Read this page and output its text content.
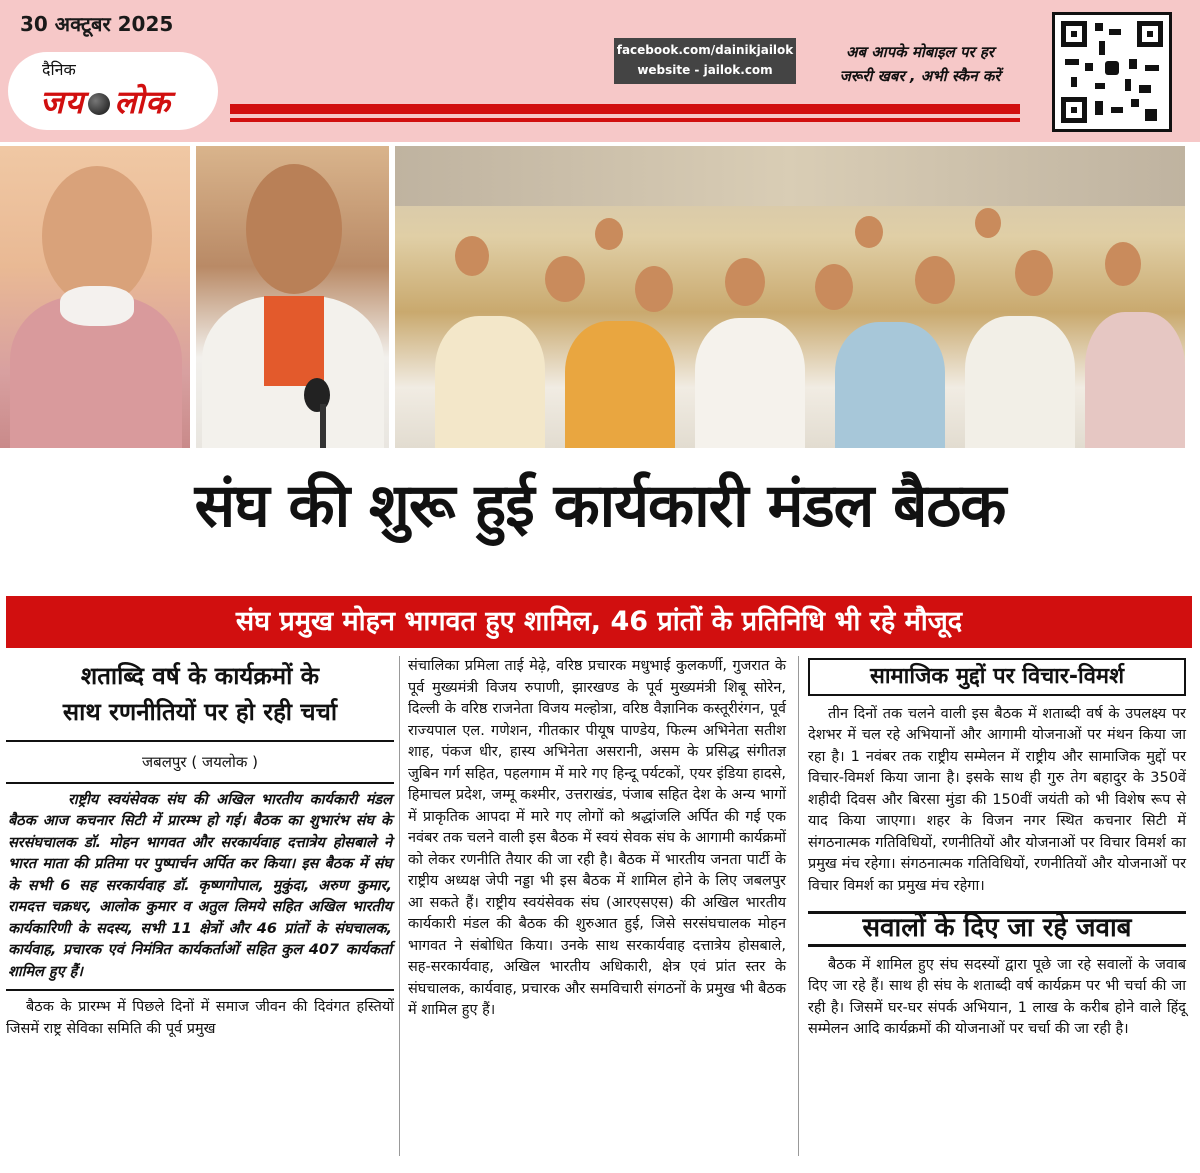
30 अक्टूबर 2025
दैनिक
जय लोक
facebook.com/dainikjailok
website - jailok.com
अब आपके मोबाइल पर हर
जरूरी खबर , अभी स्कैन करें
संघ की शुरू हुई कार्यकारी मंडल बैठक
संघ प्रमुख मोहन भागवत हुए शामिल, 46 प्रांतों के प्रतिनिधि भी रहे मौजूद
शताब्दि वर्ष के कार्यक्रमों के
साथ रणनीतियों पर हो रही चर्चा
जबलपुर ( जयलोक )
राष्ट्रीय स्वयंसेवक संघ की अखिल भारतीय कार्यकारी मंडल बैठक आज कचनार सिटी में प्रारम्भ हो गई। बैठक का शुभारंभ संघ के सरसंघचालक डॉ. मोहन भागवत और सरकार्यवाह दत्तात्रेय होसबाले ने भारत माता की प्रतिमा पर पुष्पार्चन अर्पित कर किया। इस बैठक में संघ के सभी 6 सह सरकार्यवाह डॉ. कृष्णगोपाल, मुकुंदा, अरुण कुमार, रामदत्त चक्रधर, आलोक कुमार व अतुल लिमये सहित अखिल भारतीय कार्यकारिणी के सदस्य, सभी 11 क्षेत्रों और 46 प्रांतों के संघचालक, कार्यवाह, प्रचारक एवं निमंत्रित कार्यकर्ताओं सहित कुल 407 कार्यकर्ता शामिल हुए हैं।
बैठक के प्रारम्भ में पिछले दिनों में समाज जीवन की दिवंगत हस्तियों जिसमें राष्ट्र सेविका समिति की पूर्व प्रमुख
संचालिका प्रमिला ताई मेढ़े, वरिष्ठ प्रचारक मधुभाई कुलकर्णी, गुजरात के पूर्व मुख्यमंत्री विजय रुपाणी, झारखण्ड के पूर्व मुख्यमंत्री शिबू सोरेन, दिल्ली के वरिष्ठ राजनेता विजय मल्होत्रा, वरिष्ठ वैज्ञानिक कस्तूरीरंगन, पूर्व राज्यपाल एल. गणेशन, गीतकार पीयूष पाण्डेय, फिल्म अभिनेता सतीश शाह, पंकज धीर, हास्य अभिनेता असरानी, असम के प्रसिद्ध संगीतज्ञ जुबिन गर्ग सहित, पहलगाम में मारे गए हिन्दू पर्यटकों, एयर इंडिया हादसे, हिमाचल प्रदेश, जम्मू कश्मीर, उत्तराखंड, पंजाब सहित देश के अन्य भागों में प्राकृतिक आपदा में मारे गए लोगों को श्रद्धांजलि अर्पित की गई एक नवंबर तक चलने वाली इस बैठक में स्वयं सेवक संघ के आगामी कार्यक्रमों को लेकर रणनीति तैयार की जा रही है। बैठक में भारतीय जनता पार्टी के राष्ट्रीय अध्यक्ष जेपी नड्डा भी इस बैठक में शामिल होने के लिए जबलपुर आ सकते हैं। राष्ट्रीय स्वयंसेवक संघ (आरएसएस) की अखिल भारतीय कार्यकारी मंडल की बैठक की शुरुआत हुई, जिसे सरसंघचालक मोहन भागवत ने संबोधित किया। उनके साथ सरकार्यवाह दत्तात्रेय होसबाले, सह-सरकार्यवाह, अखिल भारतीय अधिकारी, क्षेत्र एवं प्रांत स्तर के संघचालक, कार्यवाह, प्रचारक और समविचारी संगठनों के प्रमुख भी बैठक में शामिल हुए हैं।
सामाजिक मुद्दों पर विचार-विमर्श
तीन दिनों तक चलने वाली इस बैठक में शताब्दी वर्ष के उपलक्ष्य पर देशभर में चल रहे अभियानों और आगामी योजनाओं पर मंथन किया जा रहा है। 1 नवंबर तक राष्ट्रीय सम्मेलन में राष्ट्रीय और सामाजिक मुद्दों पर विचार-विमर्श किया जाना है। इसके साथ ही गुरु तेग बहादुर के 350वें शहीदी दिवस और बिरसा मुंडा की 150वीं जयंती को भी विशेष रूप से याद किया जाएगा। शहर के विजन नगर स्थित कचनार सिटी में संगठनात्मक गतिविधियों, रणनीतियों और योजनाओं पर विचार विमर्श का प्रमुख मंच रहेगा। संगठनात्मक गतिविधियों, रणनीतियों और योजनाओं पर विचार विमर्श का प्रमुख मंच रहेगा।
सवालों के दिए जा रहे जवाब
बैठक में शामिल हुए संघ सदस्यों द्वारा पूछे जा रहे सवालों के जवाब दिए जा रहे हैं। साथ ही संघ के शताब्दी वर्ष कार्यक्रम पर भी चर्चा की जा रही है। जिसमें घर-घर संपर्क अभियान, 1 लाख के करीब होने वाले हिंदू सम्मेलन आदि कार्यक्रमों की योजनाओं पर चर्चा की जा रही है।
